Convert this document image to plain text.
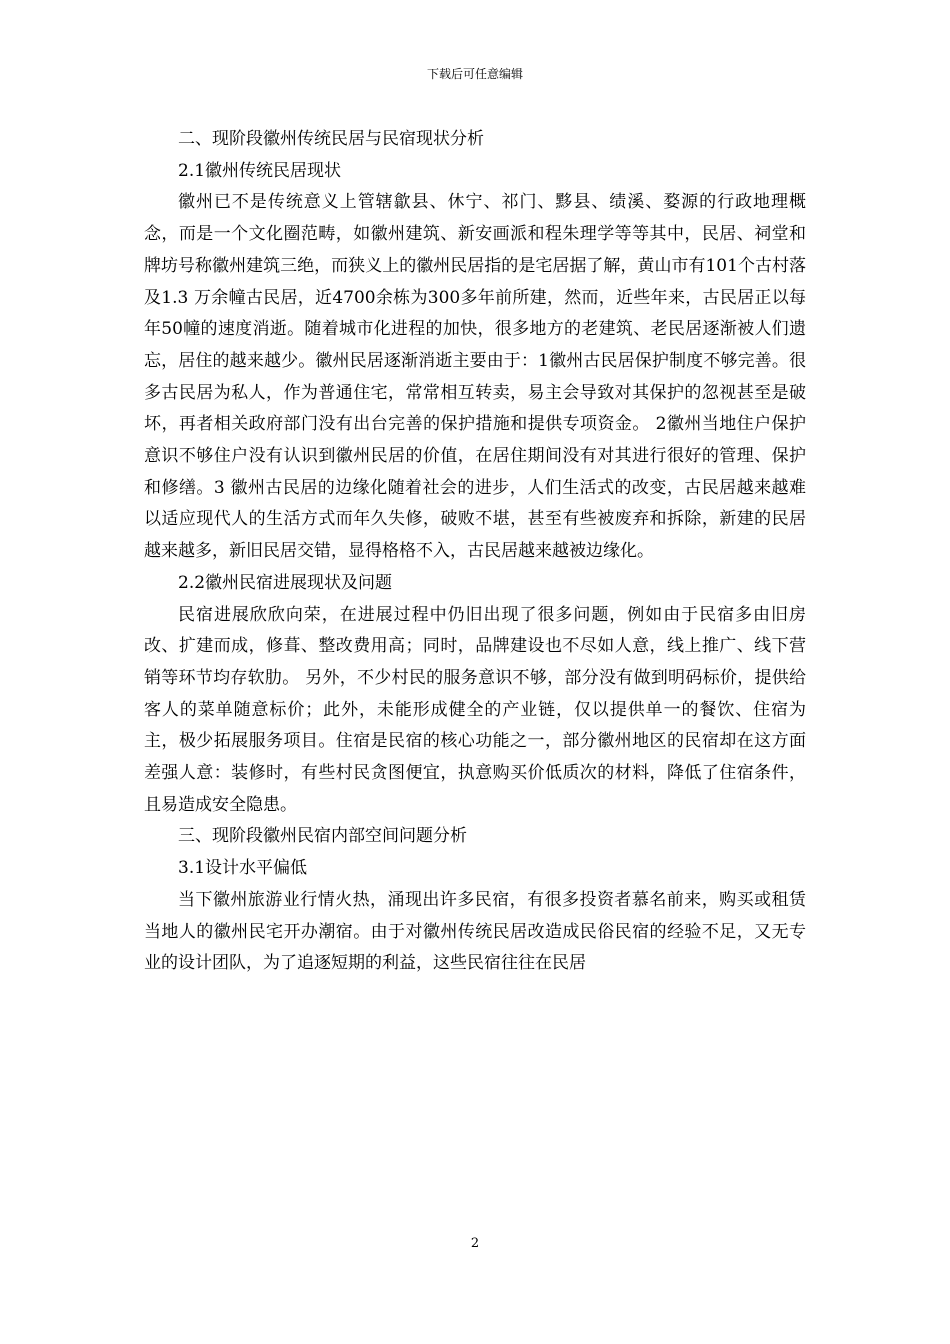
下载后可任意编辑

二、现阶段徽州传统民居与民宿现状分析

2.1徽州传统民居现状

徽州已不是传统意义上管辖歙县、休宁、祁门、黟县、绩溪、婺源的行政地理概念，而是一个文化圈范畴，如徽州建筑、新安画派和程朱理学等等其中，民居、祠堂和牌坊号称徽州建筑三绝，而狭义上的徽州民居指的是宅居据了解，黄山市有101个古村落及1.3 万余幢古民居，近4700余栋为300多年前所建，然而，近些年来，古民居正以每年50幢的速度消逝。随着城市化进程的加快，很多地方的老建筑、老民居逐渐被人们遗忘，居住的越来越少。徽州民居逐渐消逝主要由于：1徽州古民居保护制度不够完善。很多古民居为私人，作为普通住宅，常常相互转卖，易主会导致对其保护的忽视甚至是破坏，再者相关政府部门没有出台完善的保护措施和提供专项资金。 2徽州当地住户保护意识不够住户没有认识到徽州民居的价值，在居住期间没有对其进行很好的管理、保护和修缮。3 徽州古民居的边缘化随着社会的进步，人们生活式的改变，古民居越来越难以适应现代人的生活方式而年久失修，破败不堪，甚至有些被废弃和拆除，新建的民居越来越多，新旧民居交错，显得格格不入，古民居越来越被边缘化。

2.2徽州民宿进展现状及问题

民宿进展欣欣向荣，在进展过程中仍旧出现了很多问题，例如由于民宿多由旧房改、扩建而成，修葺、整改费用高；同时，品牌建设也不尽如人意，线上推广、线下营销等环节均存软肋。 另外，不少村民的服务意识不够，部分没有做到明码标价，提供给客人的菜单随意标价；此外，未能形成健全的产业链，仅以提供单一的餐饮、住宿为主，极少拓展服务项目。住宿是民宿的核心功能之一，部分徽州地区的民宿却在这方面差强人意：装修时，有些村民贪图便宜，执意购买价低质次的材料，降低了住宿条件，且易造成安全隐患。

三、现阶段徽州民宿内部空间问题分析

3.1设计水平偏低

当下徽州旅游业行情火热，涌现出许多民宿，有很多投资者慕名前来，购买或租赁当地人的徽州民宅开办潮宿。由于对徽州传统民居改造成民俗民宿的经验不足，又无专业的设计团队，为了追逐短期的利益，这些民宿往往在民居

2
